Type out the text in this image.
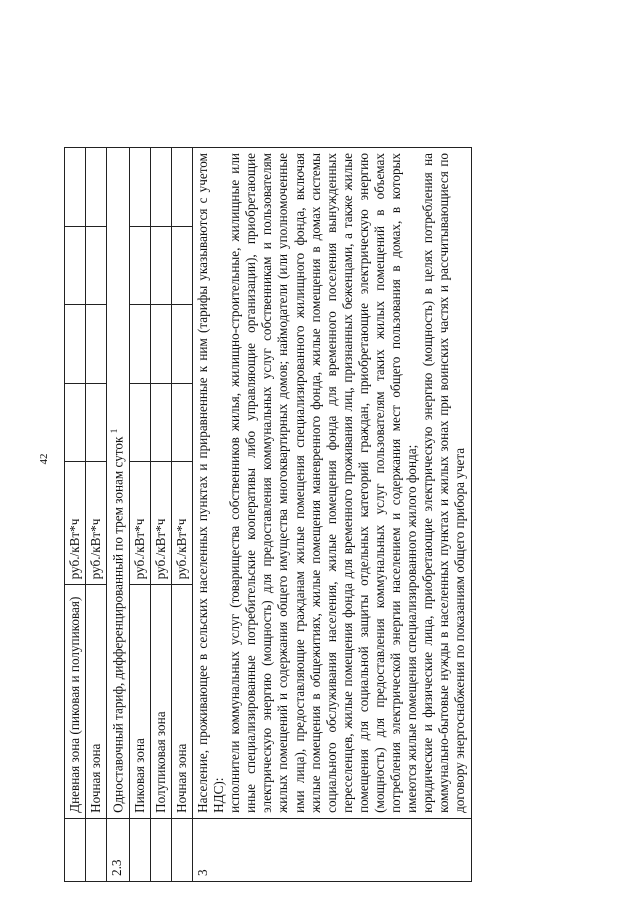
42
	Дневная зона (пиковая и полупиковая)	руб./кВт*ч				
	Ночная зона	руб./кВт*ч				
2.3	Одноставочный тариф, дифференцированный по трем зонам суток $^1$
	Пиковая зона	руб./кВт*ч				
	Полупиковая зона	руб./кВт*ч				
	Ночная зона	руб./кВт*ч				
3	Население, проживающее в сельских населенных пунктах и приравненные к ним (тарифы указываются с учетом НДС): исполнители коммунальных услуг (товарищества собственников жилья, жилищно-строительные, жилищные или иные специализированные потребительские кооперативы либо управляющие организации), приобретающие электрическую энергию (мощность) для предоставления коммунальных услуг собственникам и пользователям жилых помещений и содержания общего имущества многоквартирных домов; наймодатели (или уполномоченные ими лица), предоставляющие гражданам жилые помещения специализированного жилищного фонда, включая жилые помещения в общежитиях, жилые помещения маневренного фонда, жилые помещения в домах системы социального обслуживания населения, жилые помещения фонда для временного поселения вынужденных переселенцев, жилые помещения фонда для временного проживания лиц, признанных беженцами, а также жилые помещения для социальной защиты отдельных категорий граждан, приобретающие электрическую энергию (мощность) для предоставления коммунальных услуг пользователям таких жилых помещений в объемах потребления электрической энергии населением и содержания мест общего пользования в домах, в которых имеются жилые помещения специализированного жилого фонда; юридические и физические лица, приобретающие электрическую энергию (мощность) в целях потребления на коммунально-бытовые нужды в населенных пунктах и жилых зонах при воинских частях и рассчитывающиеся по договору энергоснабжения по показаниям общего прибора учета					
